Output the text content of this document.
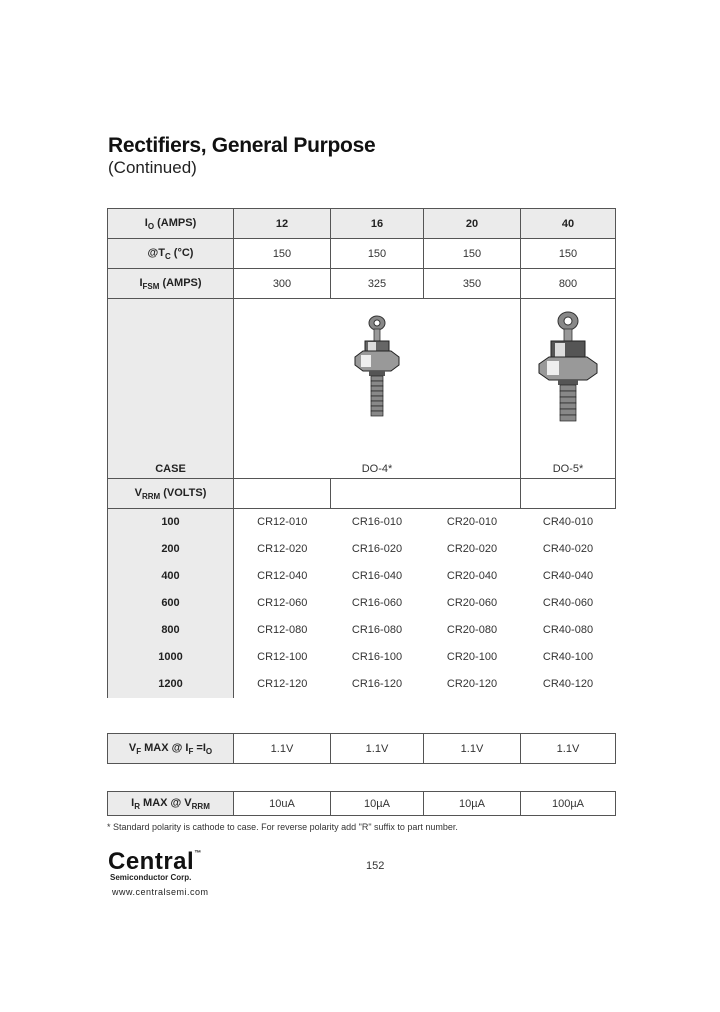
Rectifiers, General Purpose
(Continued)
$I_O$ (AMPS)	12	16	20	40
$@T_C$ (°C)	150	150	150	150
$I_{FSM}$ (AMPS)	300	325	350	800
CASE	DO-4*			DO-5*
$V_{RRM}$ (VOLTS)				
100	CR12-010	CR16-010	CR20-010	CR40-010
200	CR12-020	CR16-020	CR20-020	CR40-020
400	CR12-040	CR16-040	CR20-040	CR40-040
600	CR12-060	CR16-060	CR20-060	CR40-060
800	CR12-080	CR16-080	CR20-080	CR40-080
1000	CR12-100	CR16-100	CR20-100	CR40-100
1200	CR12-120	CR16-120	CR20-120	CR40-120
$V_F$ MAX @ $I_F =I_O$	1.1V	1.1V	1.1V	1.1V
$I_R$ MAX @ $V_{RRM}$	10uA	10µA	10µA	100µA
* Standard polarity is cathode to case. For reverse polarity add "R" suffix to part number.
Central™
Semiconductor Corp.
www.centralsemi.com
152
